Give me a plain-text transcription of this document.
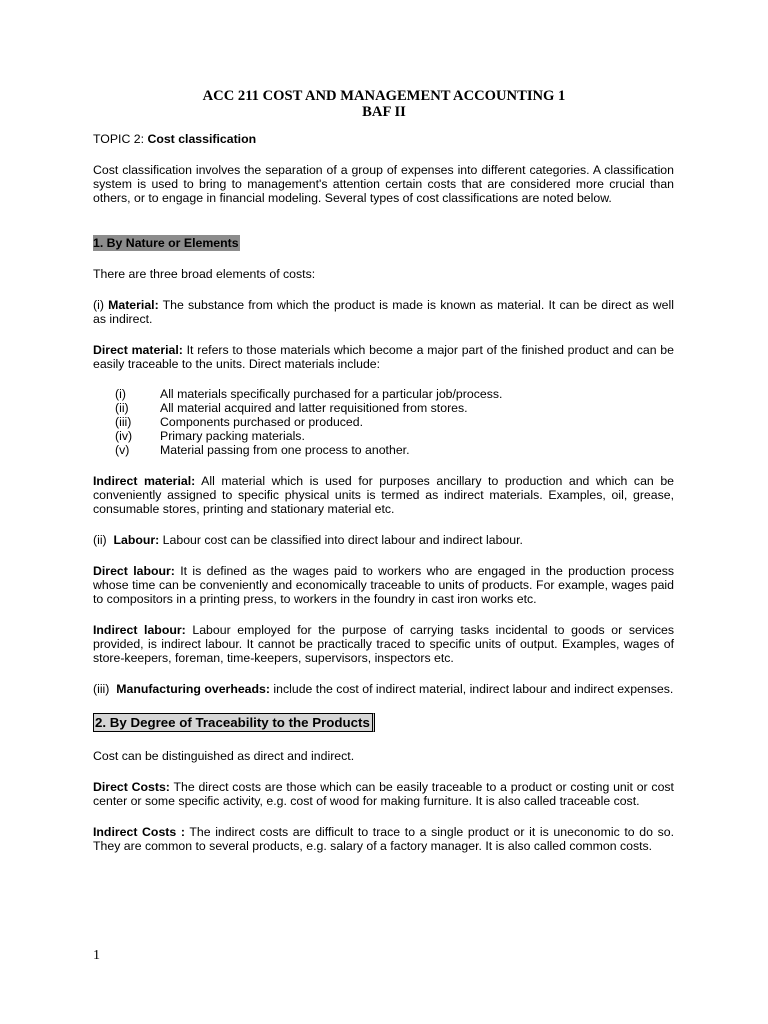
ACC 211 COST AND MANAGEMENT ACCOUNTING 1
BAF II

TOPIC 2: Cost classification

Cost classification involves the separation of a group of expenses into different categories. A classification system is used to bring to management's attention certain costs that are considered more crucial than others, or to engage in financial modeling. Several types of cost classifications are noted below.

1. By Nature or Elements

There are three broad elements of costs:

(i) Material: The substance from which the product is made is known as material. It can be direct as well as indirect.

Direct material: It refers to those materials which become a major part of the finished product and can be easily traceable to the units. Direct materials include:

(i)	All materials specifically purchased for a particular job/process.
(ii)	All material acquired and latter requisitioned from stores.
(iii)	Components purchased or produced.
(iv)	Primary packing materials.
(v)	Material passing from one process to another.

Indirect material: All material which is used for purposes ancillary to production and which can be conveniently assigned to specific physical units is termed as indirect materials. Examples, oil, grease, consumable stores, printing and stationary material etc.

(ii)  Labour: Labour cost can be classified into direct labour and indirect labour.

Direct labour: It is defined as the wages paid to workers who are engaged in the production process whose time can be conveniently and economically traceable to units of products. For example, wages paid to compositors in a printing press, to workers in the foundry in cast iron works etc.

Indirect labour: Labour employed for the purpose of carrying tasks incidental to goods or services provided, is indirect labour. It cannot be practically traced to specific units of output. Examples, wages of store-keepers, foreman, time-keepers, supervisors, inspectors etc.

(iii)  Manufacturing overheads: include the cost of indirect material, indirect labour and indirect expenses.

2. By Degree of Traceability to the Products

Cost can be distinguished as direct and indirect.

Direct Costs: The direct costs are those which can be easily traceable to a product or costing unit or cost center or some specific activity, e.g. cost of wood for making furniture. It is also called traceable cost.

Indirect Costs : The indirect costs are difficult to trace to a single product or it is uneconomic to do so. They are common to several products, e.g. salary of a factory manager. It is also called common costs.

1
